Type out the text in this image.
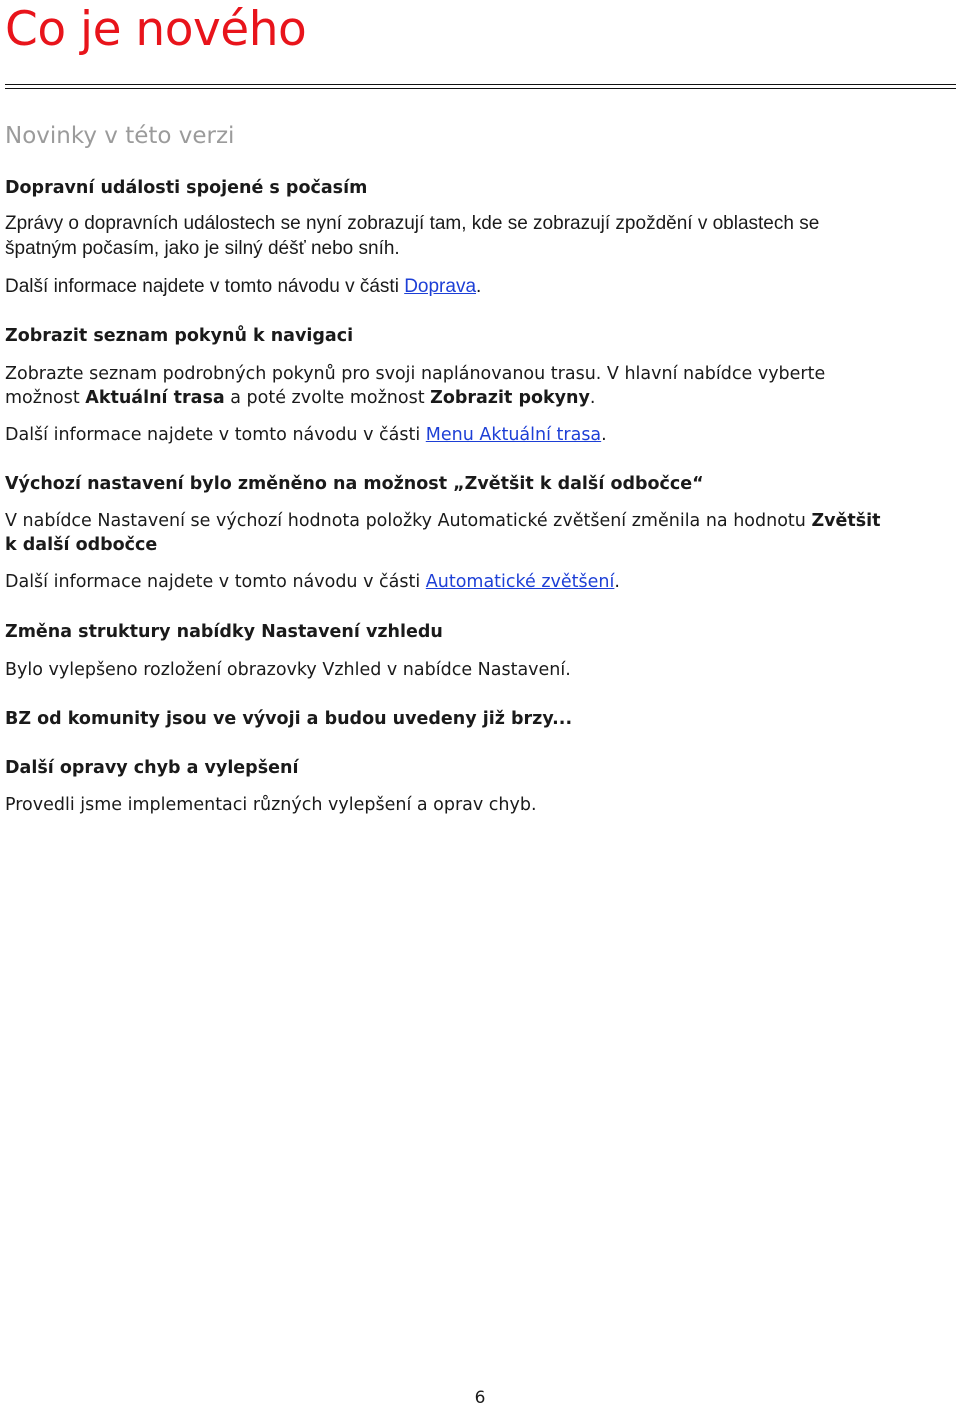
Co je nového
Novinky v této verzi
Dopravní události spojené s počasím

Zprávy o dopravních událostech se nyní zobrazují tam, kde se zobrazují zpoždění v oblastech se

špatným počasím, jako je silný déšť nebo sníh.

Další informace najdete v tomto návodu v části Doprava.

Zobrazit seznam pokynů k navigaci

Zobrazte seznam podrobných pokynů pro svoji naplánovanou trasu. V hlavní nabídce vyberte

možnost Aktuální trasa a poté zvolte možnost Zobrazit pokyny.

Další informace najdete v tomto návodu v části Menu Aktuální trasa.

Výchozí nastavení bylo změněno na možnost „Zvětšit k další odbočce“

V nabídce Nastavení se výchozí hodnota položky Automatické zvětšení změnila na hodnotu Zvětšit

k další odbočce

Další informace najdete v tomto návodu v části Automatické zvětšení.

Změna struktury nabídky Nastavení vzhledu

Bylo vylepšeno rozložení obrazovky Vzhled v nabídce Nastavení.

BZ od komunity jsou ve vývoji a budou uvedeny již brzy...
Další opravy chyb a vylepšení

Provedli jsme implementaci různých vylepšení a oprav chyb.

6
